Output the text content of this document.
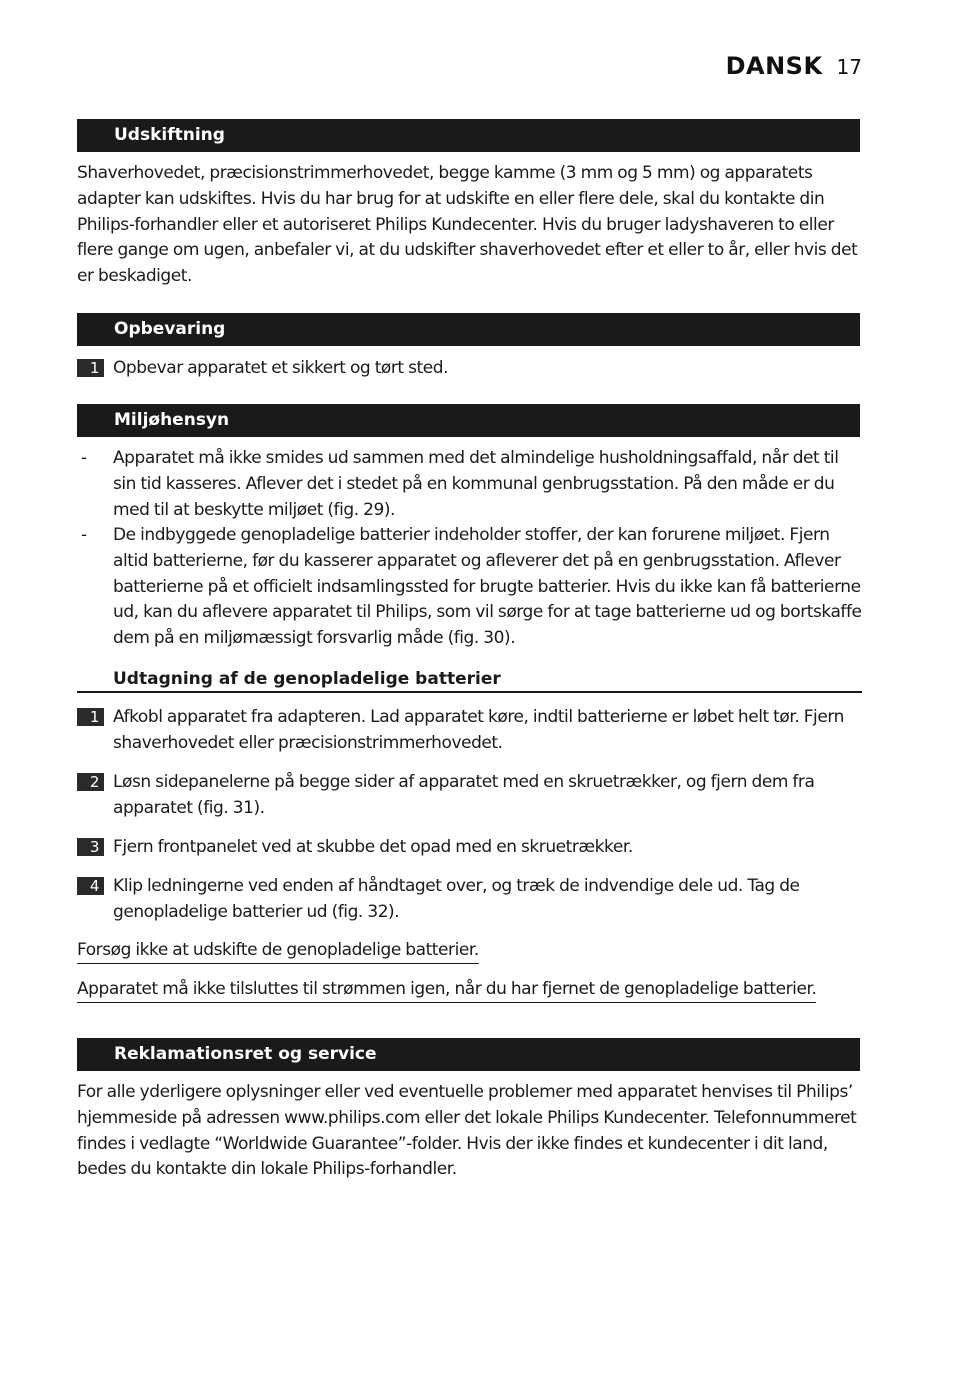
DANSK 17
Udskiftning
Shaverhovedet, præcisionstrimmerhovedet, begge kamme (3 mm og 5 mm) og apparatets adapter kan udskiftes. Hvis du har brug for at udskifte en eller flere dele, skal du kontakte din Philips-forhandler eller et autoriseret Philips Kundecenter. Hvis du bruger ladyshaveren to eller flere gange om ugen, anbefaler vi, at du udskifter shaverhovedet efter et eller to år, eller hvis det er beskadiget.
Opbevaring
1 Opbevar apparatet et sikkert og tørt sted.
Miljøhensyn
- Apparatet må ikke smides ud sammen med det almindelige husholdningsaffald, når det til sin tid kasseres. Aflever det i stedet på en kommunal genbrugsstation. På den måde er du med til at beskytte miljøet (fig. 29).
- De indbyggede genopladelige batterier indeholder stoffer, der kan forurene miljøet. Fjern altid batterierne, før du kasserer apparatet og afleverer det på en genbrugsstation. Aflever batterierne på et officielt indsamlingssted for brugte batterier. Hvis du ikke kan få batterierne ud, kan du aflevere apparatet til Philips, som vil sørge for at tage batterierne ud og bortskaffe dem på en miljømæssigt forsvarlig måde (fig. 30).
Udtagning af de genopladelige batterier
1 Afkobl apparatet fra adapteren. Lad apparatet køre, indtil batterierne er løbet helt tør. Fjern shaverhovedet eller præcisionstrimmerhovedet.
2 Løsn sidepanelerne på begge sider af apparatet med en skruetrækker, og fjern dem fra apparatet (fig. 31).
3 Fjern frontpanelet ved at skubbe det opad med en skruetrækker.
4 Klip ledningerne ved enden af håndtaget over, og træk de indvendige dele ud. Tag de genopladelige batterier ud (fig. 32).
Forsøg ikke at udskifte de genopladelige batterier.
Apparatet må ikke tilsluttes til strømmen igen, når du har fjernet de genopladelige batterier.
Reklamationsret og service
For alle yderligere oplysninger eller ved eventuelle problemer med apparatet henvises til Philips’ hjemmeside på adressen www.philips.com eller det lokale Philips Kundecenter. Telefonnummeret findes i vedlagte “Worldwide Guarantee”-folder. Hvis der ikke findes et kundecenter i dit land, bedes du kontakte din lokale Philips-forhandler.
